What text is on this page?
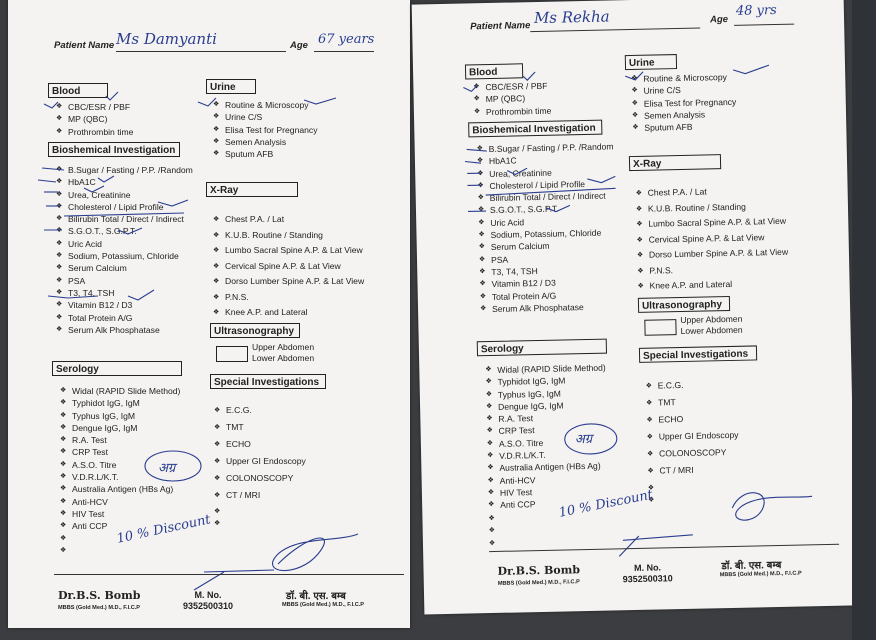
Patient Name Ms Damyanti	Age 67 years
Blood
❖ CBC/ESR / PBF
❖ MP (QBC)
❖ Prothrombin time
Bioshemical Investigation
❖ B.Sugar / Fasting / P.P. /Random
❖ HbA1C
❖ Urea, Creatinine
❖ Cholesterol / Lipid Profile
❖ Bilirubin Total / Direct / Indirect
❖ S.G.O.T., S.G.P.T.
❖ Uric Acid
❖ Sodium, Potassium, Chloride
❖ Serum Calcium
❖ PSA
❖ T3, T4, TSH
❖ Vitamin B12 / D3
❖ Total Protein A/G
❖ Serum Alk Phosphatase
Serology
❖ Widal (RAPID Slide Method)
❖ Typhidot IgG, IgM
❖ Typhus IgG, IgM
❖ Dengue IgG, IgM
❖ R.A. Test
❖ CRP Test
❖ A.S.O. Titre
❖ V.D.R.L/K.T.
❖ Australia Antigen (HBs Ag)
❖ Anti-HCV
❖ HIV Test
❖ Anti CCP
❖
❖
Urine
❖ Routine & Microscopy
❖ Urine C/S
❖ Elisa Test for Pregnancy
❖ Semen Analysis
❖ Sputum AFB
X-Ray
❖ Chest P.A. / Lat
❖ K.U.B. Routine / Standing
❖ Lumbo Sacral Spine A.P. & Lat View
❖ Cervical Spine A.P. & Lat View
❖ Dorso Lumber Spine A.P. & Lat View
❖ P.N.S.
❖ Knee A.P. and Lateral
Ultrasonography
Upper Abdomen
Lower Abdomen
Special Investigations
❖ E.C.G.
❖ TMT
❖ ECHO
❖ Upper GI Endoscopy
❖ COLONOSCOPY
❖ CT / MRI
❖
❖
10 % Discount
अग्र
Dr.B.S. Bomb
MBBS (Gold Med.) M.D., F.I.C.P
M. No.
9352500310
डॉ. बी. एस. बम्ब
MBBS (Gold Med.) M.D., F.I.C.P
Patient Name Ms Rekha	Age
48 yrs
Blood
❖ CBC/ESR / PBF
❖ MP (QBC)
❖ Prothrombin time
Bioshemical Investigation
❖ B.Sugar / Fasting / P.P. /Random
❖ HbA1C
❖ Urea, Creatinine
❖ Cholesterol / Lipid Profile
❖ Bilirubin Total / Direct / Indirect
❖ S.G.O.T., S.G.P.T.
❖ Uric Acid
❖ Sodium, Potassium, Chloride
❖ Serum Calcium
❖ PSA
❖ T3, T4, TSH
❖ Vitamin B12 / D3
❖ Total Protein A/G
❖ Serum Alk Phosphatase
Serology
❖ Widal (RAPID Slide Method)
❖ Typhidot IgG, IgM
❖ Typhus IgG, IgM
❖ Dengue IgG, IgM
❖ R.A. Test
❖ CRP Test
❖ A.S.O. Titre
❖ V.D.R.L/K.T.
❖ Australia Antigen (HBs Ag)
❖ Anti-HCV
❖ HIV Test
❖ Anti CCP
❖
❖
❖
Urine
❖ Routine & Microscopy
❖ Urine C/S
❖ Elisa Test for Pregnancy
❖ Semen Analysis
❖ Sputum AFB
X-Ray
❖ Chest P.A. / Lat
❖ K.U.B. Routine / Standing
❖ Lumbo Sacral Spine A.P. & Lat View
❖ Cervical Spine A.P. & Lat View
❖ Dorso Lumber Spine A.P. & Lat View
❖ P.N.S.
❖ Knee A.P. and Lateral
Ultrasonography
Upper Abdomen
Lower Abdomen
Special Investigations
❖ E.C.G.
❖ TMT
❖ ECHO
❖ Upper GI Endoscopy
❖ COLONOSCOPY
❖ CT / MRI
❖
❖
10 % Discount
अग्र
Dr.B.S. Bomb
MBBS (Gold Med.) M.D., F.I.C.P
M. No.
9352500310
डॉ. बी. एस. बम्ब
MBBS (Gold Med.) M.D., F.I.C.P
